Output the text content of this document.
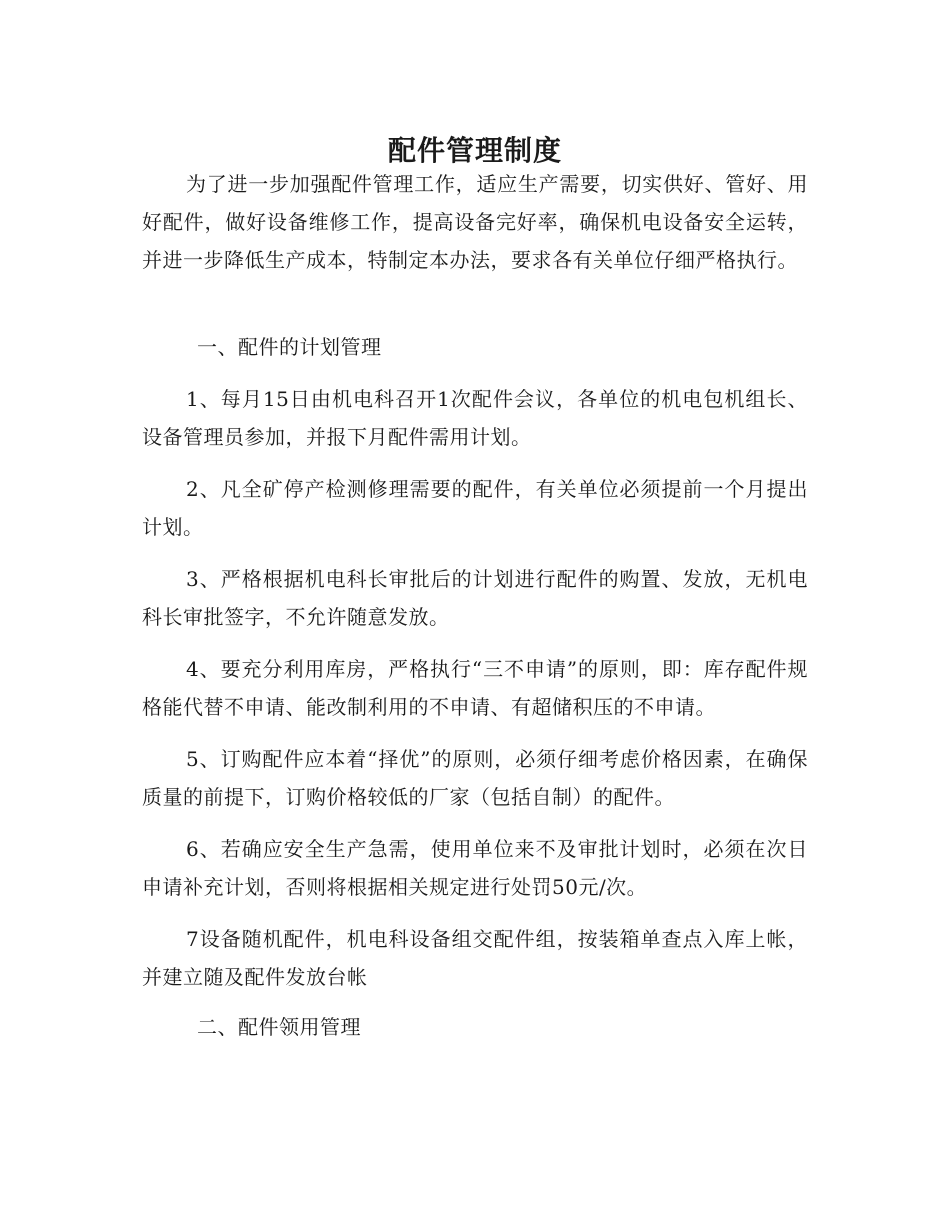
配件管理制度

为了进一步加强配件管理工作，适应生产需要，切实供好、管好、用好配件，做好设备维修工作，提高设备完好率，确保机电设备安全运转，并进一步降低生产成本，特制定本办法，要求各有关单位仔细严格执行。

一、配件的计划管理

1、每月15日由机电科召开1次配件会议，各单位的机电包机组长、设备管理员参加，并报下月配件需用计划。

2、凡全矿停产检测修理需要的配件，有关单位必须提前一个月提出计划。

3、严格根据机电科长审批后的计划进行配件的购置、发放，无机电科长审批签字，不允许随意发放。

4、要充分利用库房，严格执行“三不申请”的原则，即：库存配件规格能代替不申请、能改制利用的不申请、有超储积压的不申请。

5、订购配件应本着“择优”的原则，必须仔细考虑价格因素，在确保质量的前提下，订购价格较低的厂家（包括自制）的配件。

6、若确应安全生产急需，使用单位来不及审批计划时，必须在次日申请补充计划，否则将根据相关规定进行处罚50元/次。

7设备随机配件，机电科设备组交配件组，按装箱单查点入库上帐，并建立随及配件发放台帐

二、配件领用管理
